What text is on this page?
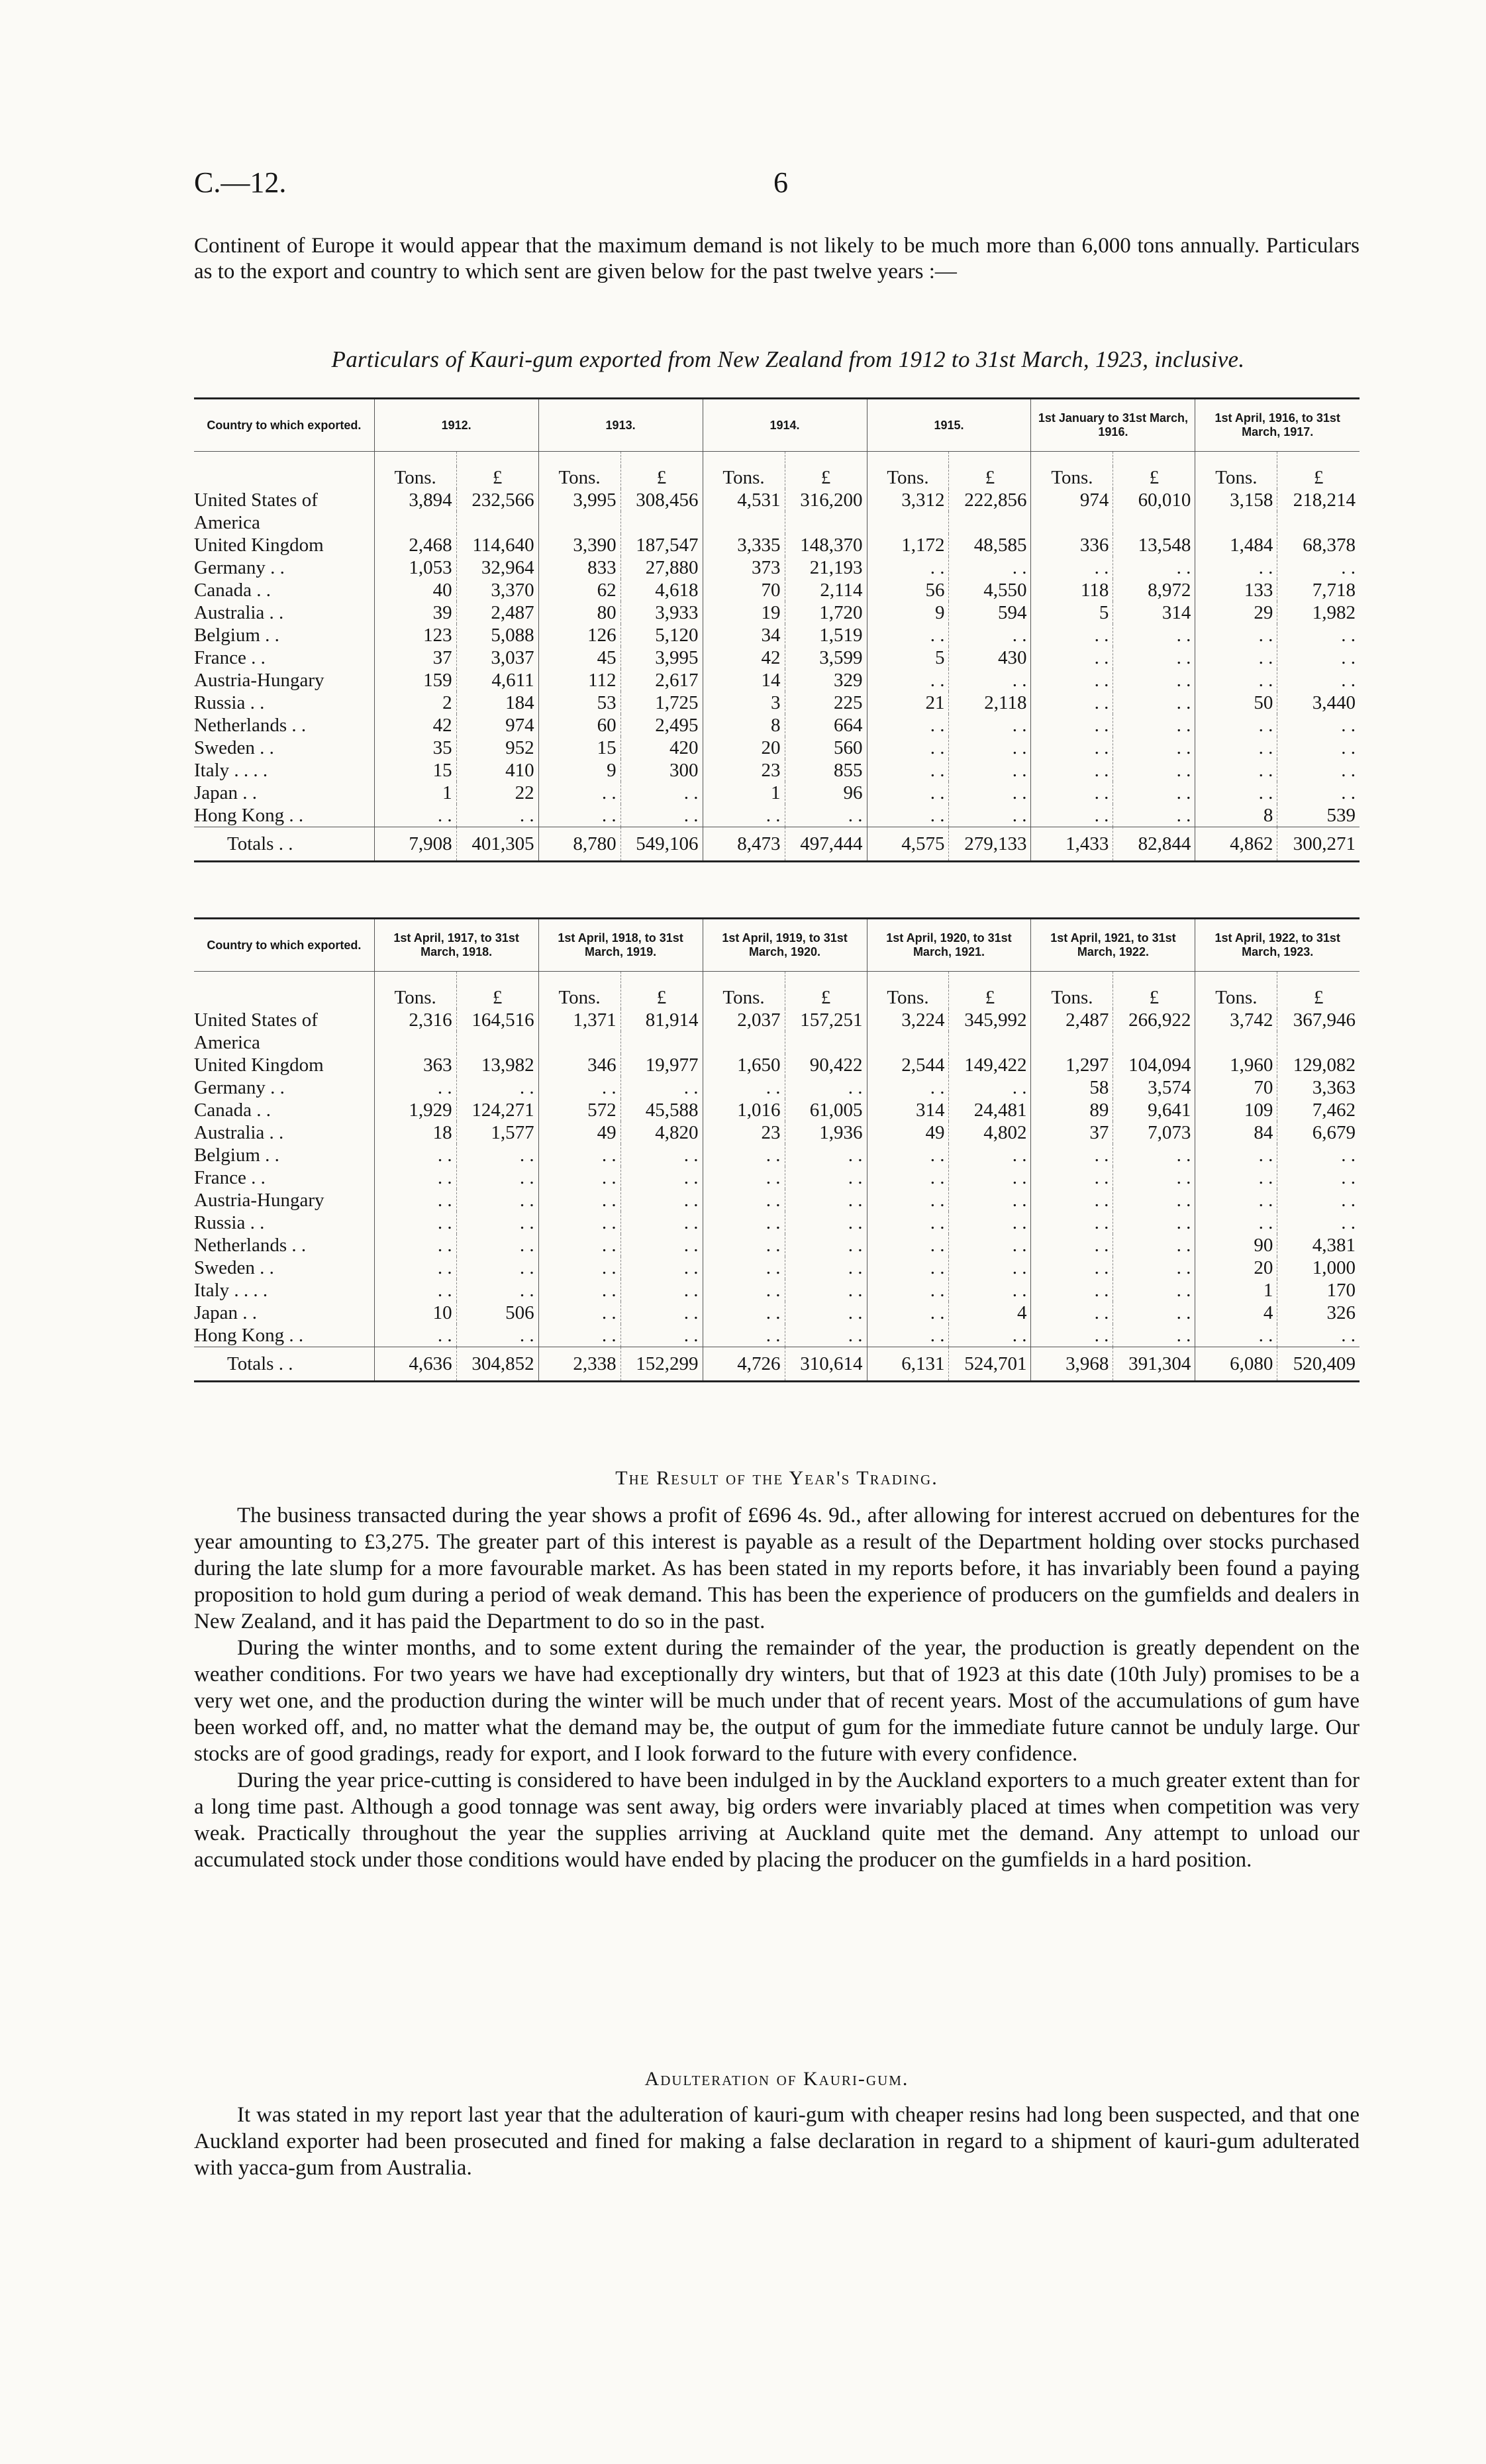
C.—12.	6
Continent of Europe it would appear that the maximum demand is not likely to be much more than 6,000 tons annually. Particulars as to the export and country to which sent are given below for the past twelve years :—
Particulars of Kauri-gum exported from New Zealand from 1912 to 31st March, 1923, inclusive.
Country to which exported.	1912.		1913.		1914.		1915.		1st January to 31st March, 1916.		1st April, 1916, to 31st March, 1917.	

	Tons.	£	Tons.	£	Tons.	£	Tons.	£	Tons.	£	Tons.	£
United States of	3,894	232,566	3,995	308,456	4,531	316,200	3,312	222,856	974	60,010	3,158	218,214
America												
United Kingdom	2,468	114,640	3,390	187,547	3,335	148,370	1,172	48,585	336	13,548	1,484	68,378
Germany . .	1,053	32,964	833	27,880	373	21,193	. .	. .	. .	. .	. .	. .
Canada . .	40	3,370	62	4,618	70	2,114	56	4,550	118	8,972	133	7,718
Australia . .	39	2,487	80	3,933	19	1,720	9	594	5	314	29	1,982
Belgium . .	123	5,088	126	5,120	34	1,519	. .	. .	. .	. .	. .	. .
France . .	37	3,037	45	3,995	42	3,599	5	430	. .	. .	. .	. .
Austria-Hungary	159	4,611	112	2,617	14	329	. .	. .	. .	. .	. .	. .
Russia . .	2	184	53	1,725	3	225	21	2,118	. .	. .	50	3,440
Netherlands . .	42	974	60	2,495	8	664	. .	. .	. .	. .	. .	. .
Sweden . .	35	952	15	420	20	560	. .	. .	. .	. .	. .	. .
Italy . . . .	15	410	9	300	23	855	. .	. .	. .	. .	. .	. .
Japan . .	1	22	. .	. .	1	96	. .	. .	. .	. .	. .	. .
Hong Kong . .	. .	. .	. .	. .	. .	. .	. .	. .	. .	. .	8	539
Totals . .	7,908	401,305	8,780	549,106	8,473	497,444	4,575	279,133	1,433	82,844	4,862	300,271
Country to which exported.	1st April, 1917, to 31st March, 1918.		1st April, 1918, to 31st March, 1919.		1st April, 1919, to 31st March, 1920.		1st April, 1920, to 31st March, 1921.		1st April, 1921, to 31st March, 1922.		1st April, 1922, to 31st March, 1923.	

	Tons.	£	Tons.	£	Tons.	£	Tons.	£	Tons.	£	Tons.	£
United States of	2,316	164,516	1,371	81,914	2,037	157,251	3,224	345,992	2,487	266,922	3,742	367,946
America												
United Kingdom	363	13,982	346	19,977	1,650	90,422	2,544	149,422	1,297	104,094	1,960	129,082
Germany . .	. .	. .	. .	. .	. .	. .	. .	. .	58	3,574	70	3,363
Canada . .	1,929	124,271	572	45,588	1,016	61,005	314	24,481	89	9,641	109	7,462
Australia . .	18	1,577	49	4,820	23	1,936	49	4,802	37	7,073	84	6,679
Belgium . .	. .	. .	. .	. .	. .	. .	. .	. .	. .	. .	. .	. .
France . .	. .	. .	. .	. .	. .	. .	. .	. .	. .	. .	. .	. .
Austria-Hungary	. .	. .	. .	. .	. .	. .	. .	. .	. .	. .	. .	. .
Russia . .	. .	. .	. .	. .	. .	. .	. .	. .	. .	. .	. .	. .
Netherlands . .	. .	. .	. .	. .	. .	. .	. .	. .	. .	. .	90	4,381
Sweden . .	. .	. .	. .	. .	. .	. .	. .	. .	. .	. .	20	1,000
Italy . . . .	. .	. .	. .	. .	. .	. .	. .	. .	. .	. .	1	170
Japan . .	10	506	. .	. .	. .	. .	. .	4	. .	. .	4	326
Hong Kong . .	. .	. .	. .	. .	. .	. .	. .	. .	. .	. .	. .	. .
Totals . .	4,636	304,852	2,338	152,299	4,726	310,614	6,131	524,701	3,968	391,304	6,080	520,409
The Result of the Year's Trading.

The business transacted during the year shows a profit of £696 4s. 9d., after allowing for interest accrued on debentures for the year amounting to £3,275. The greater part of this interest is payable as a result of the Department holding over stocks purchased during the late slump for a more favourable market. As has been stated in my reports before, it has invariably been found a paying proposition to hold gum during a period of weak demand. This has been the experience of producers on the gumfields and dealers in New Zealand, and it has paid the Department to do so in the past.

During the winter months, and to some extent during the remainder of the year, the production is greatly dependent on the weather conditions. For two years we have had exceptionally dry winters, but that of 1923 at this date (10th July) promises to be a very wet one, and the production during the winter will be much under that of recent years. Most of the accumulations of gum have been worked off, and, no matter what the demand may be, the output of gum for the immediate future cannot be unduly large. Our stocks are of good gradings, ready for export, and I look forward to the future with every confidence.

During the year price-cutting is considered to have been indulged in by the Auckland exporters to a much greater extent than for a long time past. Although a good tonnage was sent away, big orders were invariably placed at times when competition was very weak. Practically throughout the year the supplies arriving at Auckland quite met the demand. Any attempt to unload our accumulated stock under those conditions would have ended by placing the producer on the gumfields in a hard position.

Adulteration of Kauri-gum.

It was stated in my report last year that the adulteration of kauri-gum with cheaper resins had long been suspected, and that one Auckland exporter had been prosecuted and fined for making a false declaration in regard to a shipment of kauri-gum adulterated with yacca-gum from Australia.
